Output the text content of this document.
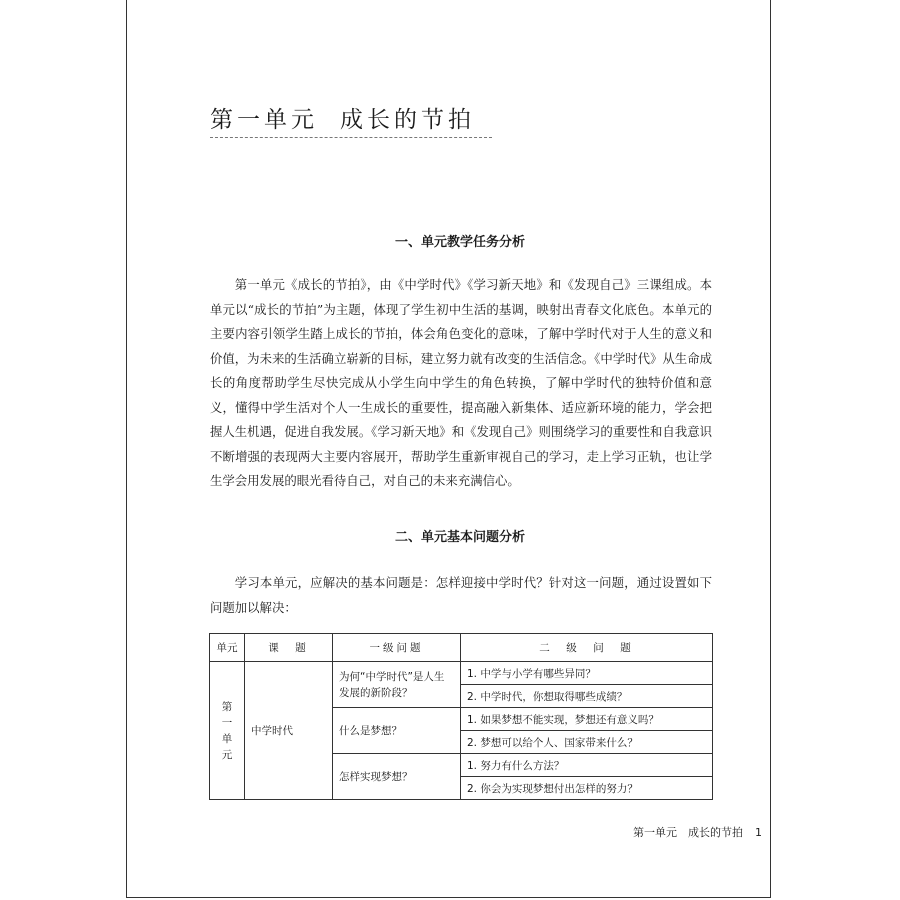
第一单元 成长的节拍
一、单元教学任务分析

第一单元《成长的节拍》，由《中学时代》《学习新天地》和《发现自己》三课组成。本单元以“成长的节拍”为主题，体现了学生初中生活的基调，映射出青春文化底色。本单元的主要内容引领学生踏上成长的节拍，体会角色变化的意味，了解中学时代对于人生的意义和价值，为未来的生活确立崭新的目标，建立努力就有改变的生活信念。《中学时代》从生命成长的角度帮助学生尽快完成从小学生向中学生的角色转换，了解中学时代的独特价值和意义，懂得中学生活对个人一生成长的重要性，提高融入新集体、适应新环境的能力，学会把握人生机遇，促进自我发展。《学习新天地》和《发现自己》则围绕学习的重要性和自我意识不断增强的表现两大主要内容展开，帮助学生重新审视自己的学习，走上学习正轨，也让学生学会用发展的眼光看待自己，对自己的未来充满信心。

二、单元基本问题分析

学习本单元，应解决的基本问题是：怎样迎接中学时代？针对这一问题，通过设置如下问题加以解决：

单元	课　题	一级问题	二　级　问　题
第一单元	中学时代	为何“中学时代”是人生发展的新阶段？	1. 中学与小学有哪些异同？
			2. 中学时代，你想取得哪些成绩？
		什么是梦想？	1. 如果梦想不能实现，梦想还有意义吗？
			2. 梦想可以给个人、国家带来什么？
		怎样实现梦想？	1. 努力有什么方法？
			2. 你会为实现梦想付出怎样的努力？
第一单元　成长的节拍 1
